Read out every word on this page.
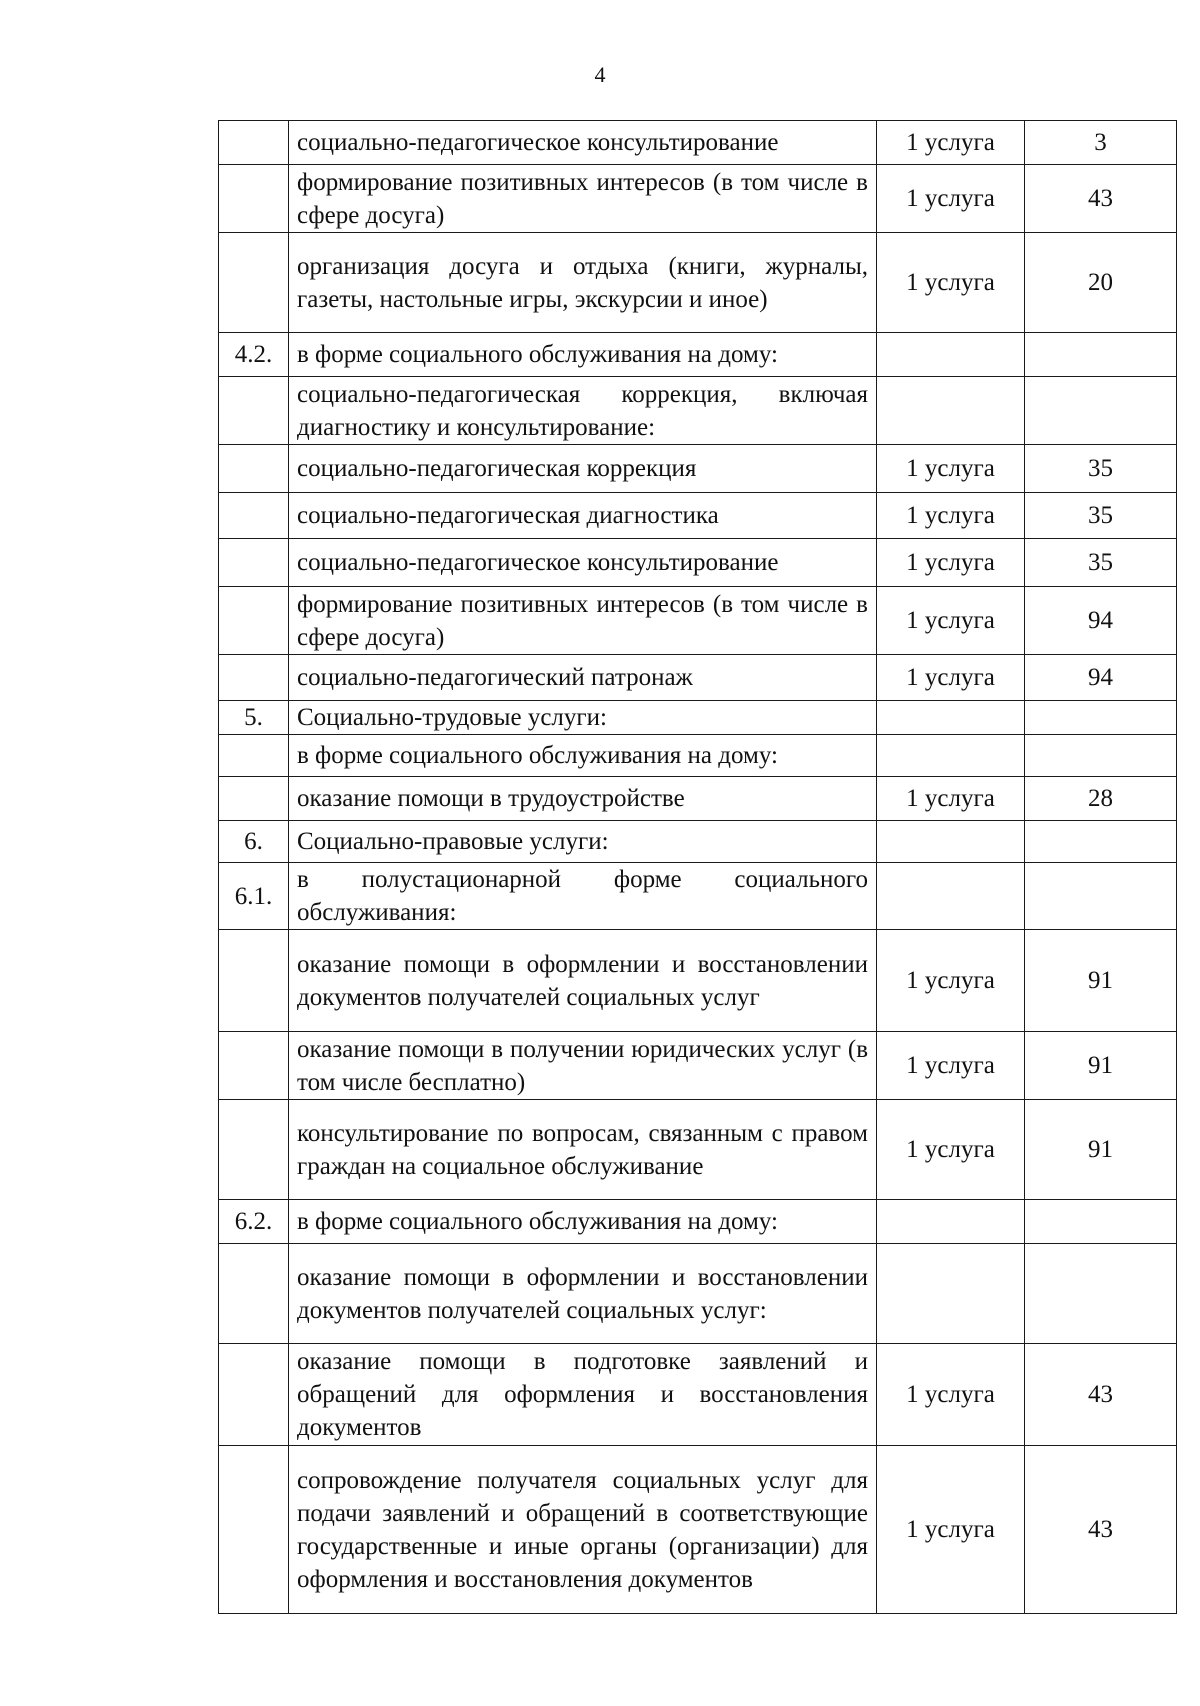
4
	социально-педагогическое консультирование	1 услуга	3
	формирование позитивных интересов (в том числе в сфере досуга)	1 услуга	43
	организация досуга и отдыха (книги, журналы, газеты, настольные игры, экскурсии и иное)	1 услуга	20
4.2.	в форме социального обслуживания на дому:		
	социально-педагогическая коррекция, включая диагностику и консультирование:		
	социально-педагогическая коррекция	1 услуга	35
	социально-педагогическая диагностика	1 услуга	35
	социально-педагогическое консультирование	1 услуга	35
	формирование позитивных интересов (в том числе в сфере досуга)	1 услуга	94
	социально-педагогический патронаж	1 услуга	94
5.	Социально-трудовые услуги:		
	в форме социального обслуживания на дому:		
	оказание помощи в трудоустройстве	1 услуга	28
6.	Социально-правовые услуги:		
6.1.	в полустационарной форме социального обслуживания:		
	оказание помощи в оформлении и восстановлении документов получателей социальных услуг	1 услуга	91
	оказание помощи в получении юридических услуг (в том числе бесплатно)	1 услуга	91
	консультирование по вопросам, связанным с правом граждан на социальное обслуживание	1 услуга	91
6.2.	в форме социального обслуживания на дому:		
	оказание помощи в оформлении и восстановлении документов получателей социальных услуг:		
	оказание помощи в подготовке заявлений и обращений для оформления и восстановления документов	1 услуга	43
	сопровождение получателя социальных услуг для подачи заявлений и обращений в соответствующие государственные и иные органы (организации) для оформления и восстановления документов	1 услуга	43
